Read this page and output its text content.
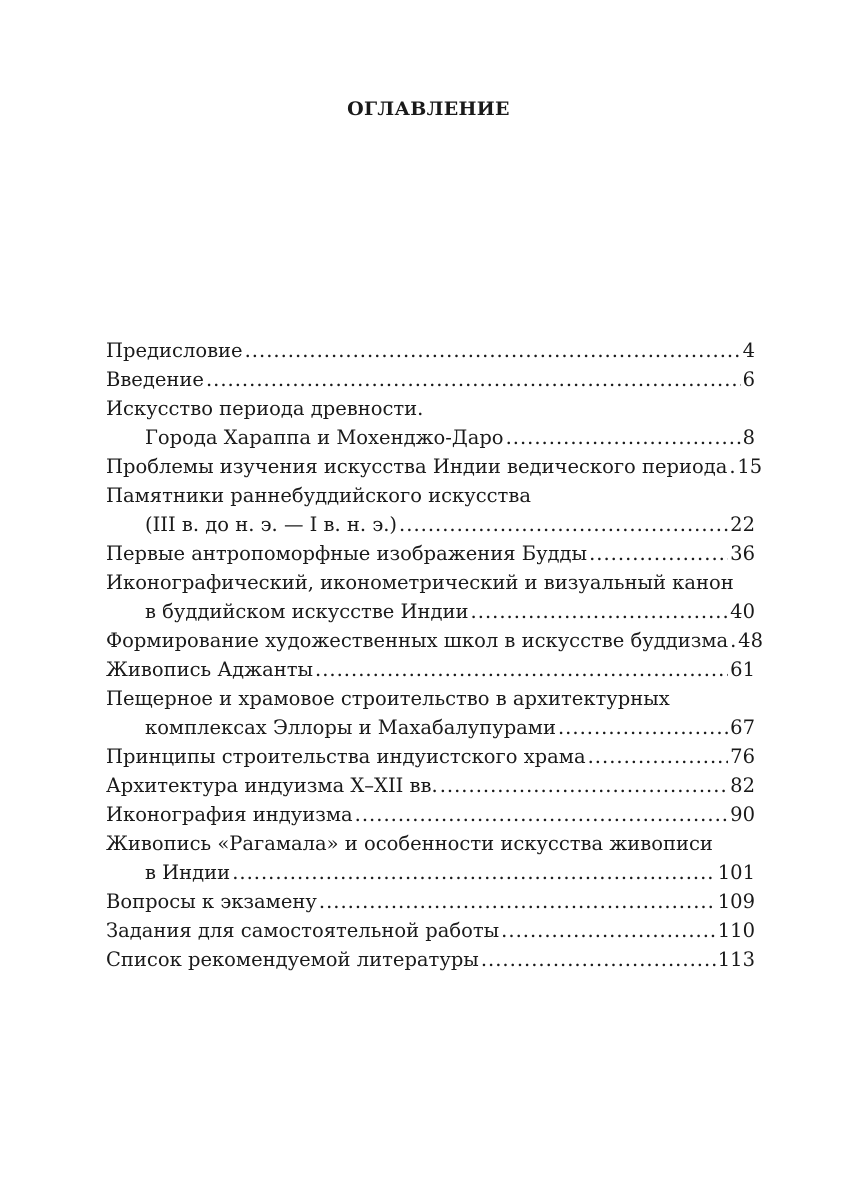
ОГЛАВЛЕНИЕ
Предисловие .....	4
Введение .....	6
Искусство периода древности.
Города Хараппа и Мохенджо-Даро .....	8
Проблемы изучения искусства Индии ведического периода ..... 15
Памятники раннебуддийского искусства
(III в. до н. э. — I в. н. э.) .....	22
Первые антропоморфные изображения Будды .....	36
Иконографический, иконометрический и визуальный канон
в буддийском искусстве Индии .....	40
Формирование художественных школ в искусстве буддизма ..... 48
Живопись Аджанты .....	61
Пещерное и храмовое строительство в архитектурных
комплексах Эллоры и Махабалупурами .....	67
Принципы строительства индуистского храма .....	76
Архитектура индуизма X–XII вв. .....	82
Иконография индуизма .....	90
Живопись «Рагамала» и особенности искусства живописи
в Индии .....	101
Вопросы к экзамену .....	109
Задания для самостоятельной работы .....	110
Список рекомендуемой литературы .....	113
